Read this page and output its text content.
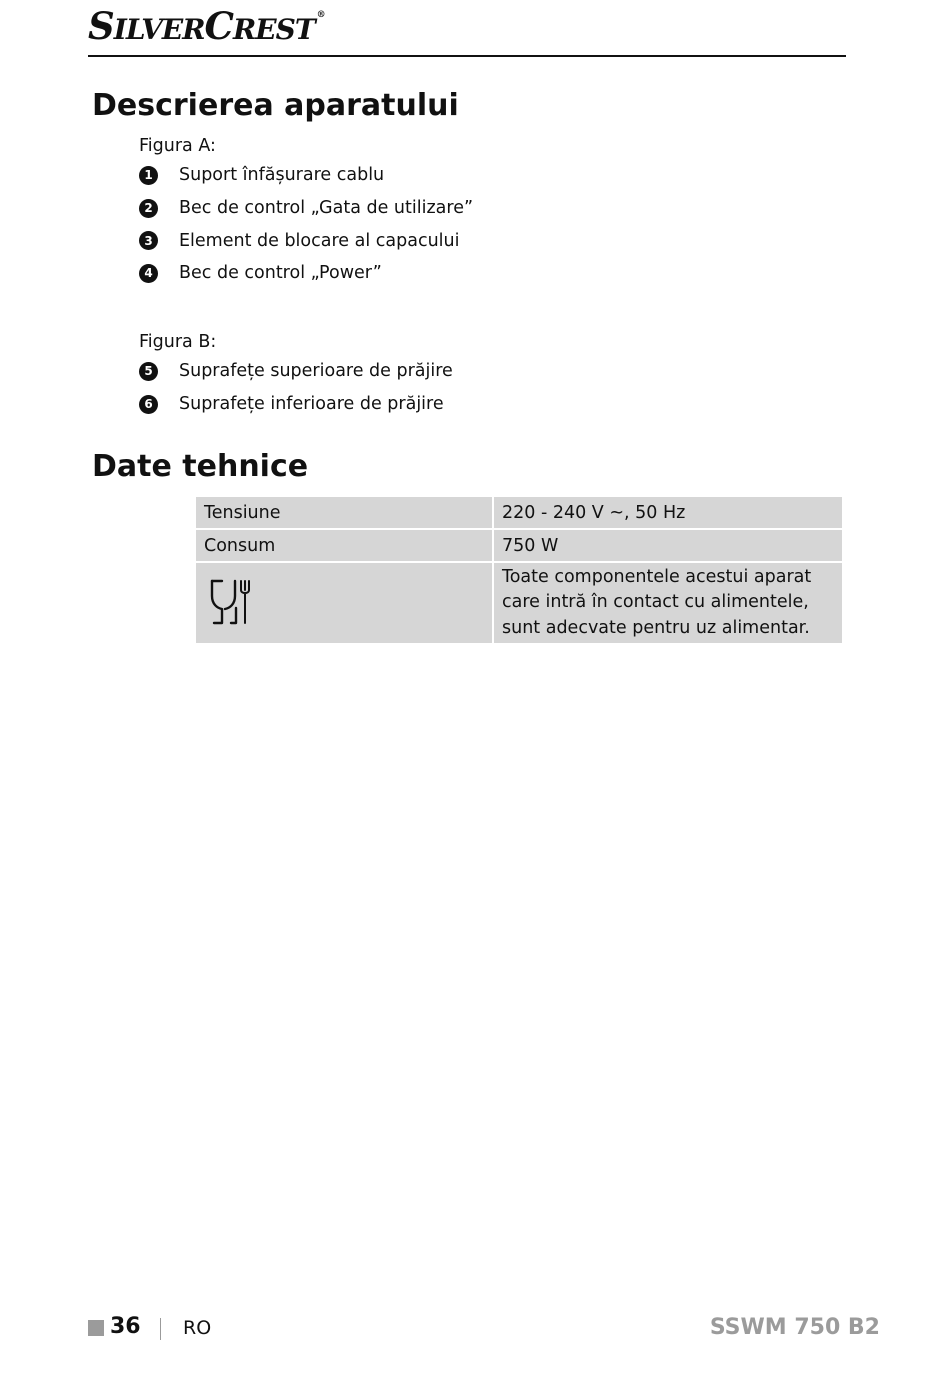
SILVERCREST ®
Descrierea aparatului
Figura A:
1	Suport înfășurare cablu
2	Bec de control „Gata de utilizare”
3	Element de blocare al capacului
4	Bec de control „Power”
Figura B:
5	Suprafețe superioare de prăjire
6	Suprafețe inferioare de prăjire
Date tehnice
Tensiune	220 - 240 V ~, 50 Hz
Consum	750 W

Toate componentele acestui aparat
care intră în contact cu alimentele,
sunt adecvate pentru uz alimentar.
36 RO	SSWM 750 B2
